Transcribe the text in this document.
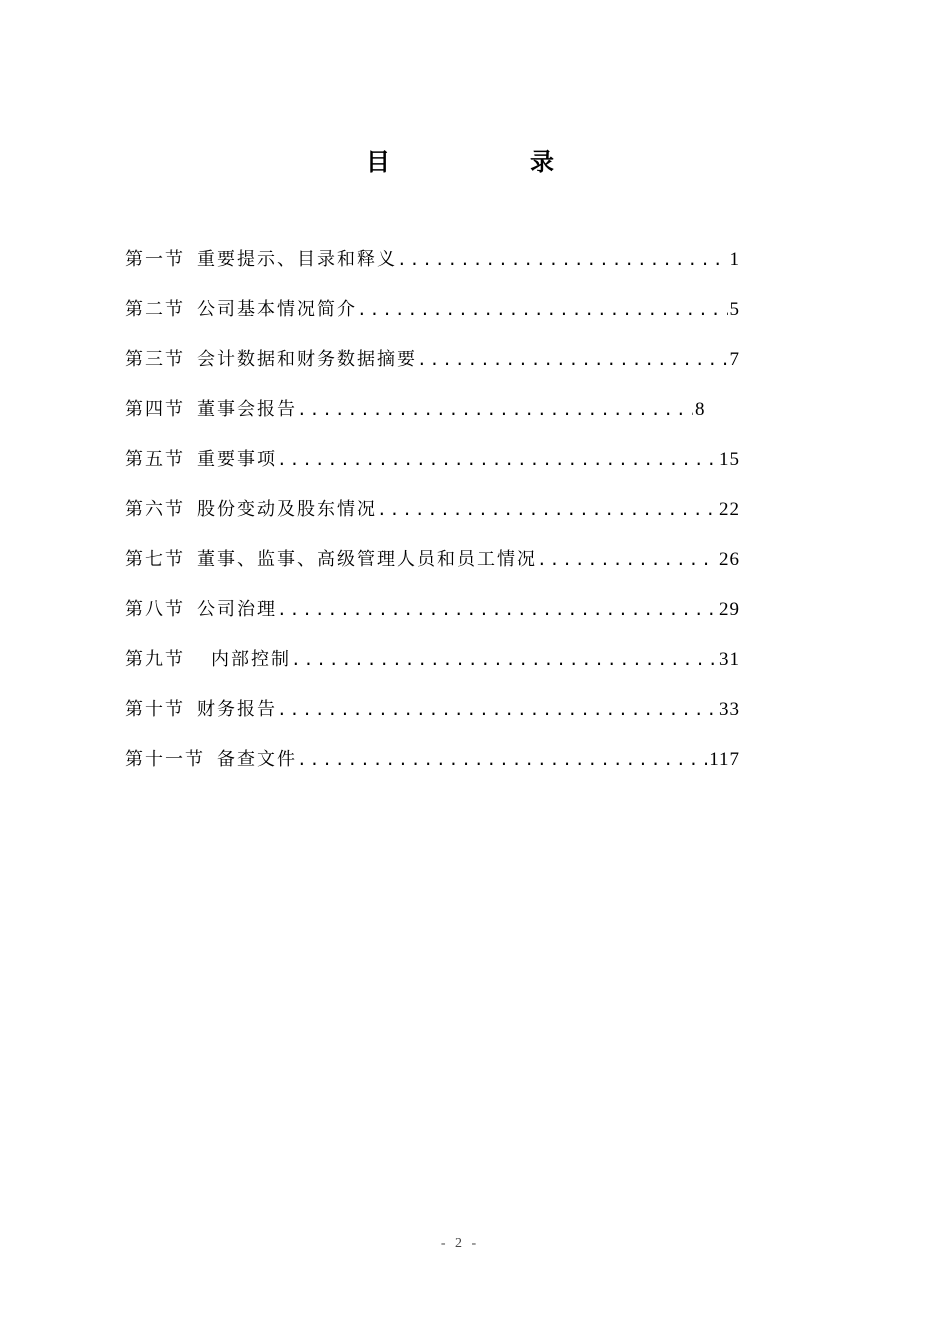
目　录
第一节 重要提示、目录和释义 .....	1
第二节 公司基本情况简介 .....	5
第三节 会计数据和财务数据摘要 .....	7
第四节 董事会报告 .....	8
第五节 重要事项 .....	15
第六节 股份变动及股东情况 .....	22
第七节 董事、监事、高级管理人员和员工情况 .....	26
第八节 公司治理 .....	29
第九节	内部控制 .....	31
第十节 财务报告 .....	33
第十一节 备查文件 .....	117
- 2 -
